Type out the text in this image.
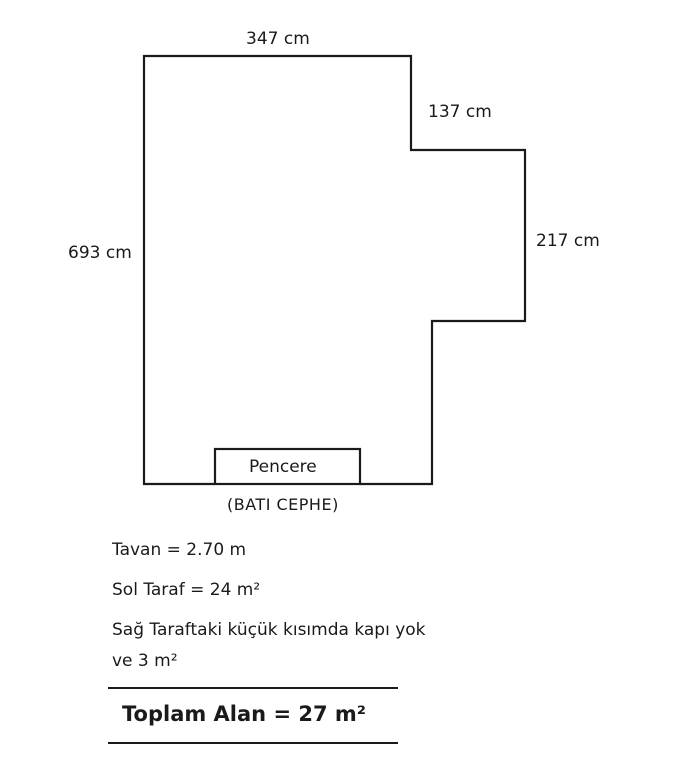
347 cm
137 cm
217 cm
693 cm
Pencere
(BATI CEPHE)
Tavan = 2.70 m
Sol Taraf = 24 m²
Sağ Taraftaki küçük kısımda kapı yok
ve 3 m²
Toplam Alan = 27 m²
